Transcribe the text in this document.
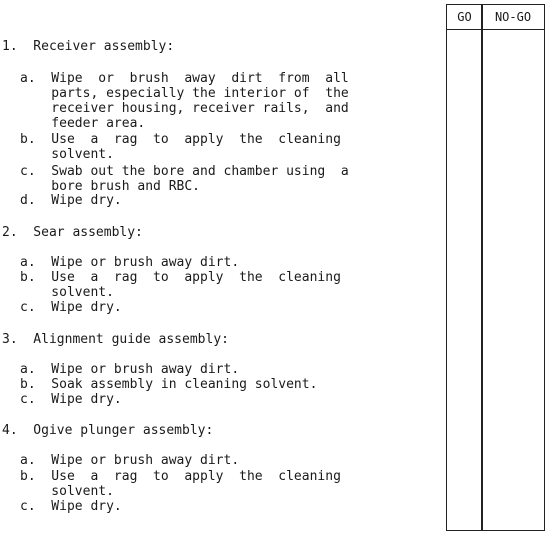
GO	NO-GO
1.  Receiver assembly:
a.  Wipe  or  brush  away  dirt  from  all
parts, especially the interior of  the
receiver housing, receiver rails,  and
feeder area.
b.  Use  a  rag  to  apply  the  cleaning
solvent.
c.  Swab out the bore and chamber using  a
bore brush and RBC.
d.  Wipe dry.
2.  Sear assembly:
a.  Wipe or brush away dirt.
b.  Use  a  rag  to  apply  the  cleaning
solvent.
c.  Wipe dry.
3.  Alignment guide assembly:
a.  Wipe or brush away dirt.
b.  Soak assembly in cleaning solvent.
c.  Wipe dry.
4.  Ogive plunger assembly:
a.  Wipe or brush away dirt.
b.  Use  a  rag  to  apply  the  cleaning
solvent.
c.  Wipe dry.
